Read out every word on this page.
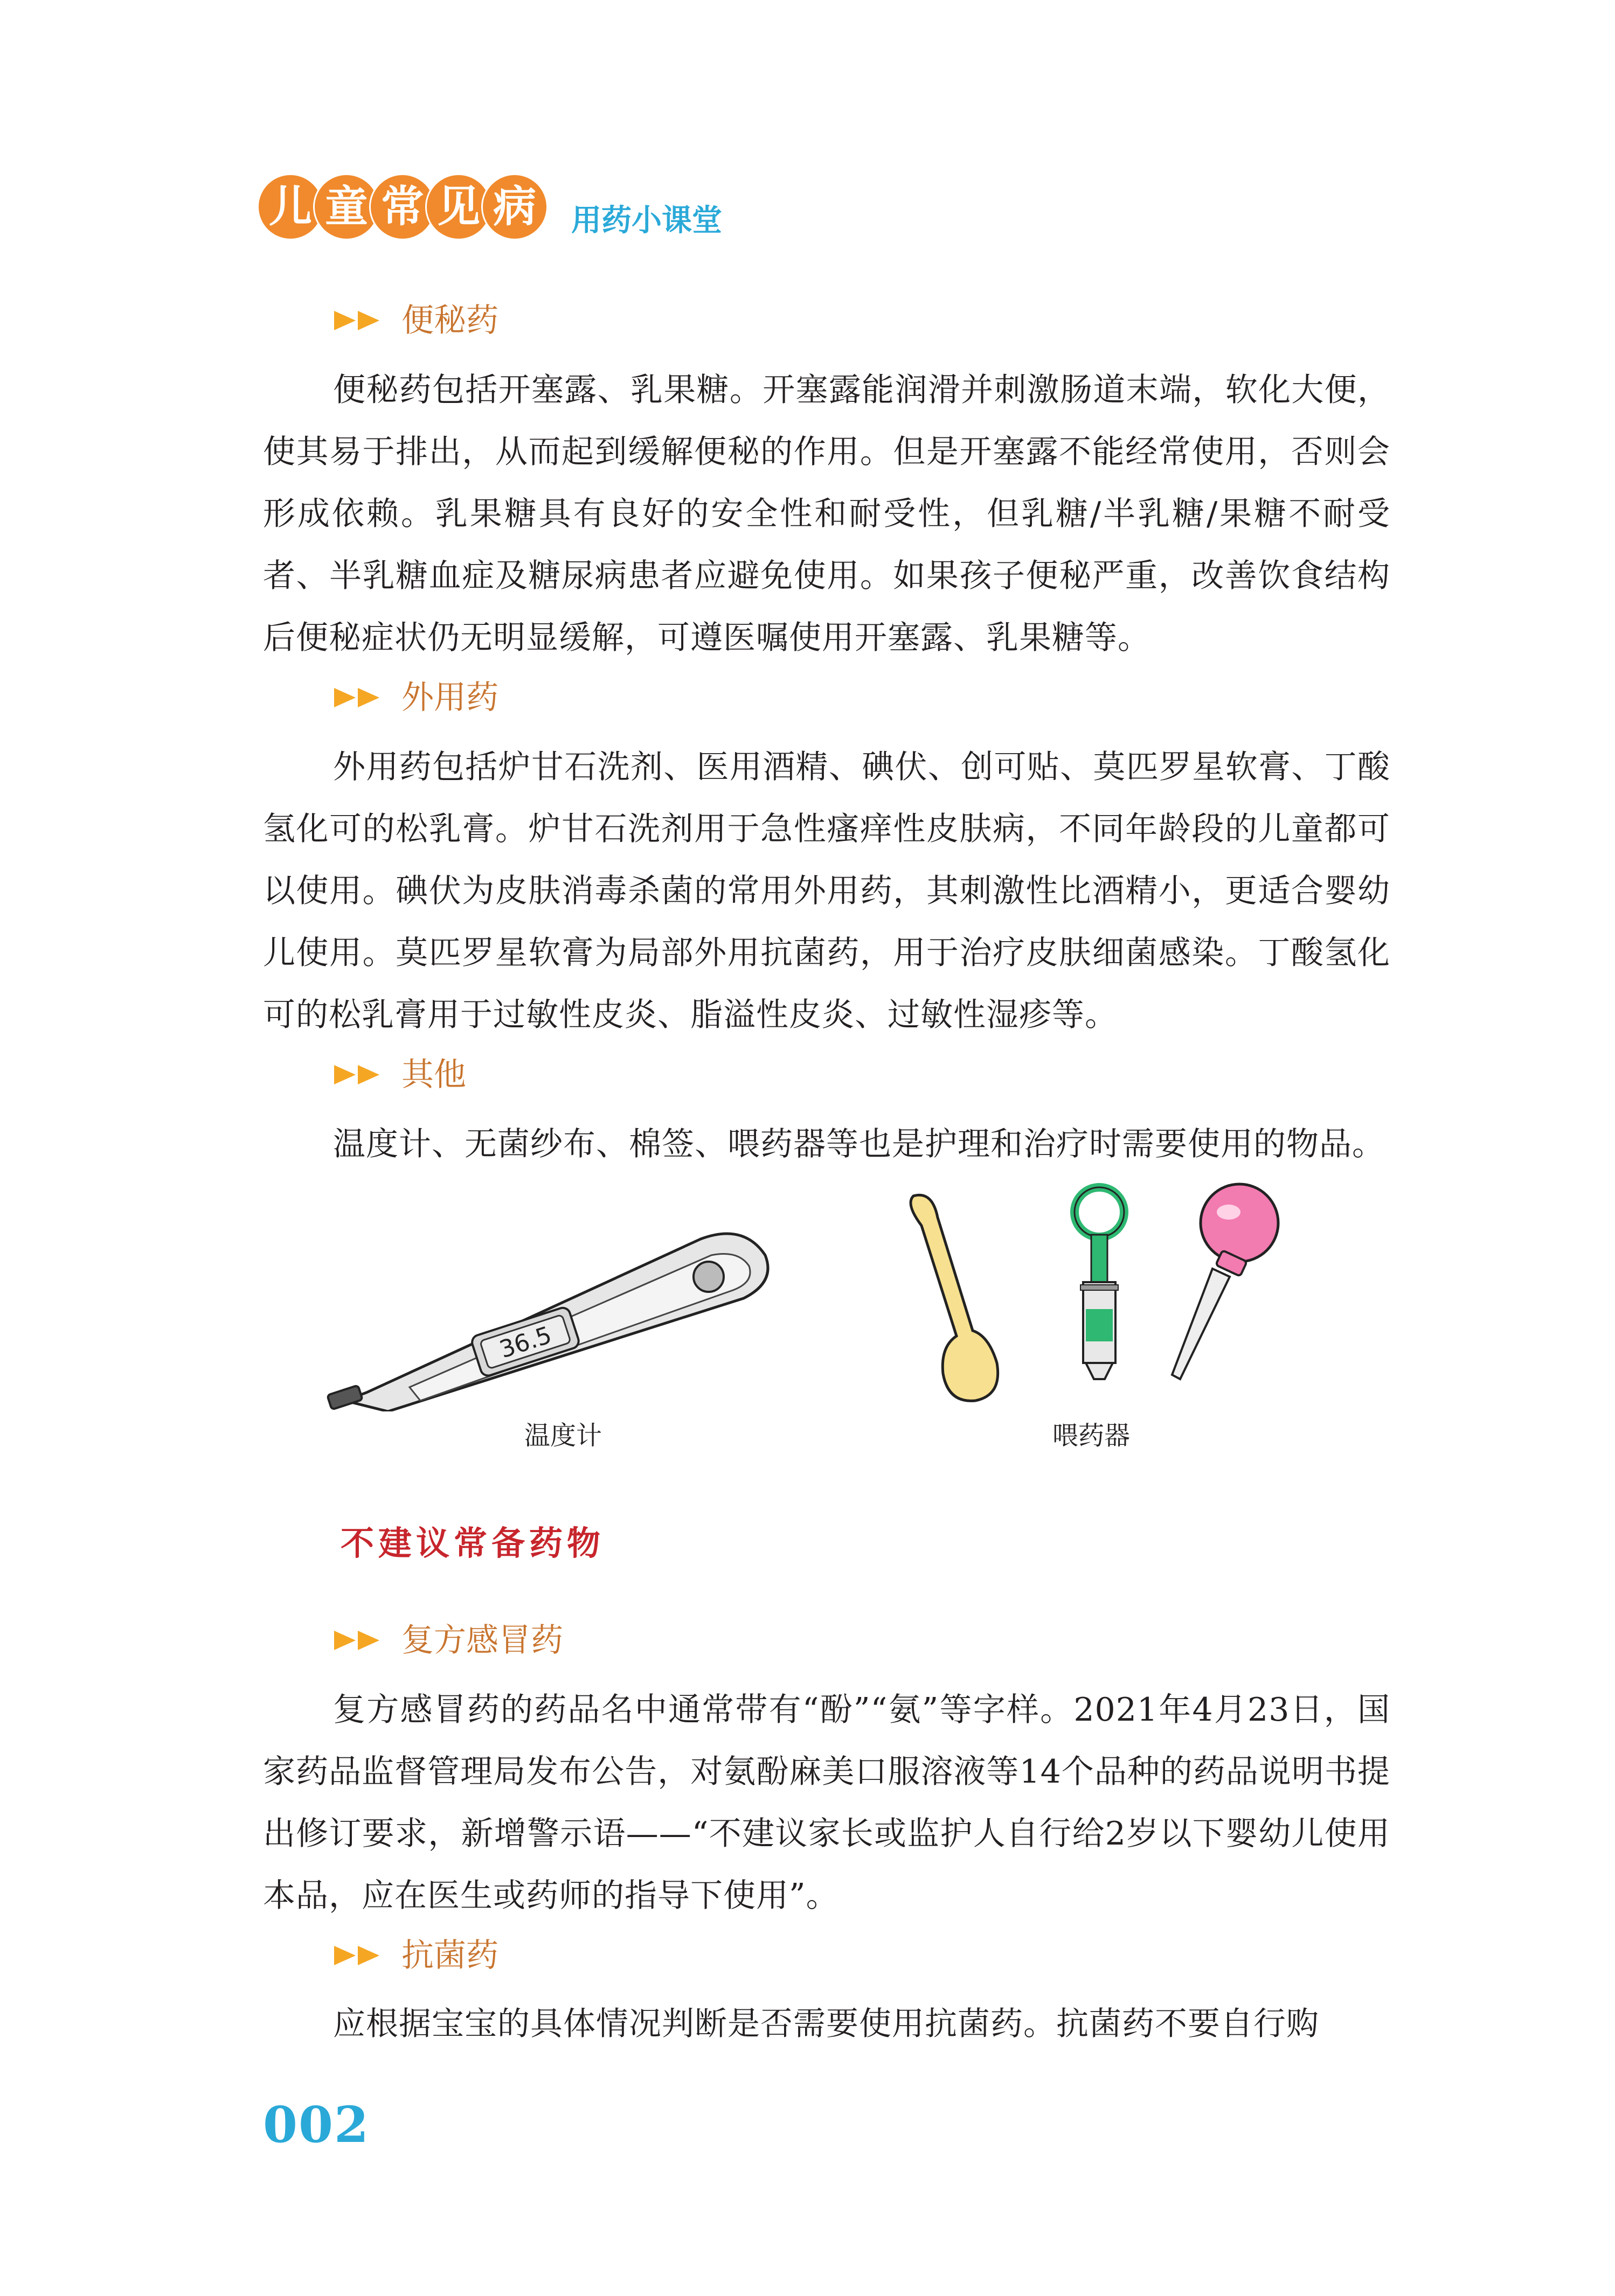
儿 童 常 见 病 用药小课堂
便秘药

便秘药包括开塞露、乳果糖。开塞露能润滑并刺激肠道末端，软化大便，使其易于排出，从而起到缓解便秘的作用。但是开塞露不能经常使用，否则会形成依赖。乳果糖具有良好的安全性和耐受性，但乳糖/半乳糖/果糖不耐受者、半乳糖血症及糖尿病患者应避免使用。如果孩子便秘严重，改善饮食结构后便秘症状仍无明显缓解，可遵医嘱使用开塞露、乳果糖等。

外用药

外用药包括炉甘石洗剂、医用酒精、碘伏、创可贴、莫匹罗星软膏、丁酸氢化可的松乳膏。炉甘石洗剂用于急性瘙痒性皮肤病，不同年龄段的儿童都可以使用。碘伏为皮肤消毒杀菌的常用外用药，其刺激性比酒精小，更适合婴幼儿使用。莫匹罗星软膏为局部外用抗菌药，用于治疗皮肤细菌感染。丁酸氢化可的松乳膏用于过敏性皮炎、脂溢性皮炎、过敏性湿疹等。

其他

温度计、无菌纱布、棉签、喂药器等也是护理和治疗时需要使用的物品。

36.5
温度计	喂药器
不建议常备药物
复方感冒药

复方感冒药的药品名中通常带有“酚”“氨”等字样。2021年4月23日，国家药品监督管理局发布公告，对氨酚麻美口服溶液等14个品种的药品说明书提出修订要求，新增警示语——“不建议家长或监护人自行给2岁以下婴幼儿使用本品，应在医生或药师的指导下使用”。

抗菌药

应根据宝宝的具体情况判断是否需要使用抗菌药。抗菌药不要自行购

002
